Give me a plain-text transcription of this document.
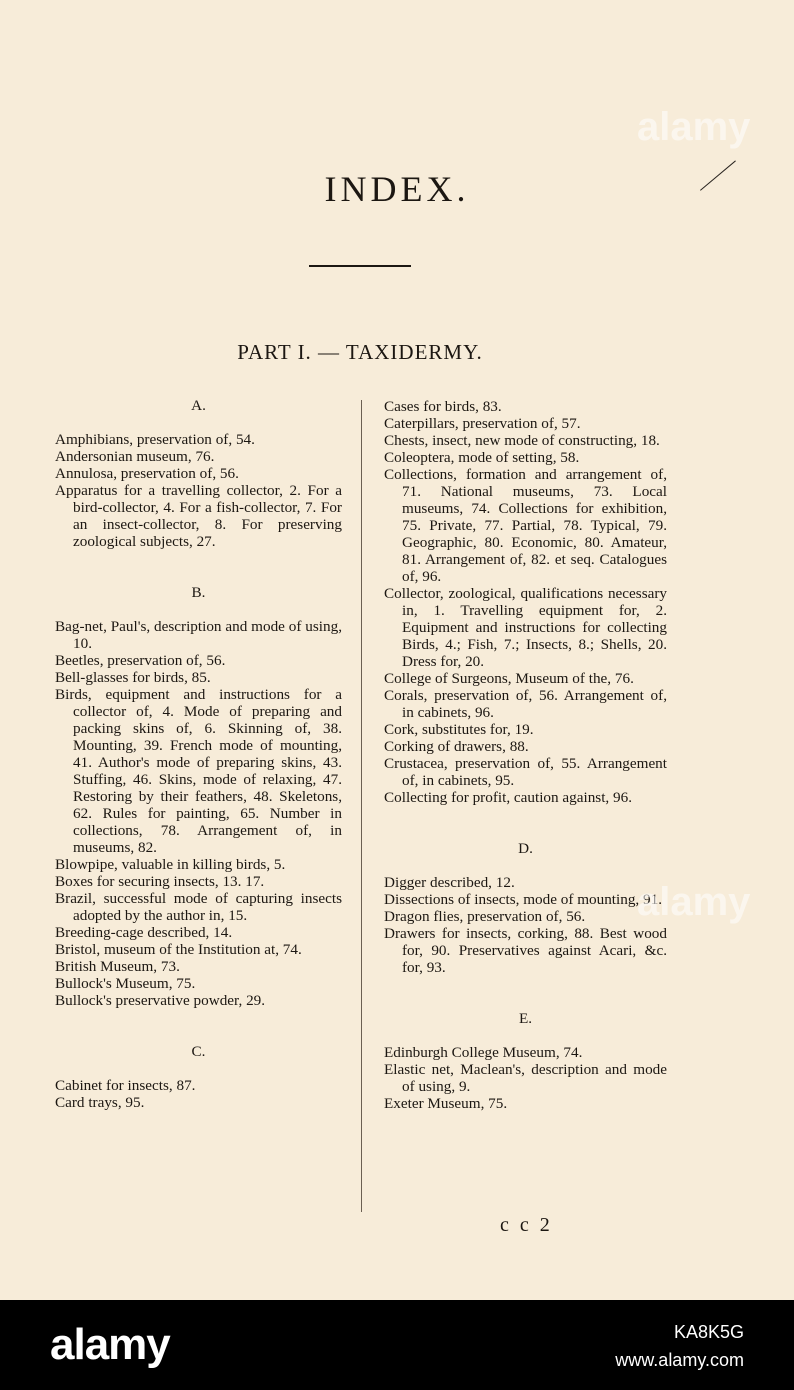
INDEX.
PART I. — TAXIDERMY.

A.

Amphibians, preservation of, 54.

Andersonian museum, 76.

Annulosa, preservation of, 56.

Apparatus for a travelling collector, 2. For a bird-collector, 4. For a fish-collector, 7. For an insect-collector, 8. For preserving zoological subjects, 27.

B.

Bag-net, Paul's, description and mode of using, 10.

Beetles, preservation of, 56.

Bell-glasses for birds, 85.

Birds, equipment and instructions for a collector of, 4. Mode of preparing and packing skins of, 6. Skinning of, 38. Mounting, 39. French mode of mounting, 41. Author's mode of preparing skins, 43. Stuffing, 46. Skins, mode of relaxing, 47. Restoring by their feathers, 48. Skeletons, 62. Rules for painting, 65. Number in collections, 78. Arrangement of, in museums, 82.

Blowpipe, valuable in killing birds, 5.

Boxes for securing insects, 13. 17.

Brazil, successful mode of capturing insects adopted by the author in, 15.

Breeding-cage described, 14.

Bristol, museum of the Institution at, 74.

British Museum, 73.

Bullock's Museum, 75.

Bullock's preservative powder, 29.

C.

Cabinet for insects, 87.

Card trays, 95.

Cases for birds, 83.

Caterpillars, preservation of, 57.

Chests, insect, new mode of constructing, 18.

Coleoptera, mode of setting, 58.

Collections, formation and arrangement of, 71. National museums, 73. Local museums, 74. Collections for exhibition, 75. Private, 77. Partial, 78. Typical, 79. Geographic, 80. Economic, 80. Amateur, 81. Arrangement of, 82. et seq. Catalogues of, 96.

Collector, zoological, qualifications necessary in, 1. Travelling equipment for, 2. Equipment and instructions for collecting Birds, 4.; Fish, 7.; Insects, 8.; Shells, 20. Dress for, 20.

College of Surgeons, Museum of the, 76.

Corals, preservation of, 56. Arrangement of, in cabinets, 96.

Cork, substitutes for, 19.

Corking of drawers, 88.

Crustacea, preservation of, 55. Arrangement of, in cabinets, 95.

Collecting for profit, caution against, 96.

D.

Digger described, 12.

Dissections of insects, mode of mounting, 91.

Dragon flies, preservation of, 56.

Drawers for insects, corking, 88. Best wood for, 90. Preservatives against Acari, &c. for, 93.

E.

Edinburgh College Museum, 74.

Elastic net, Maclean's, description and mode of using, 9.

Exeter Museum, 75.

c c 2
alamy
alamy
alamy	KA8K5G
www.alamy.com
